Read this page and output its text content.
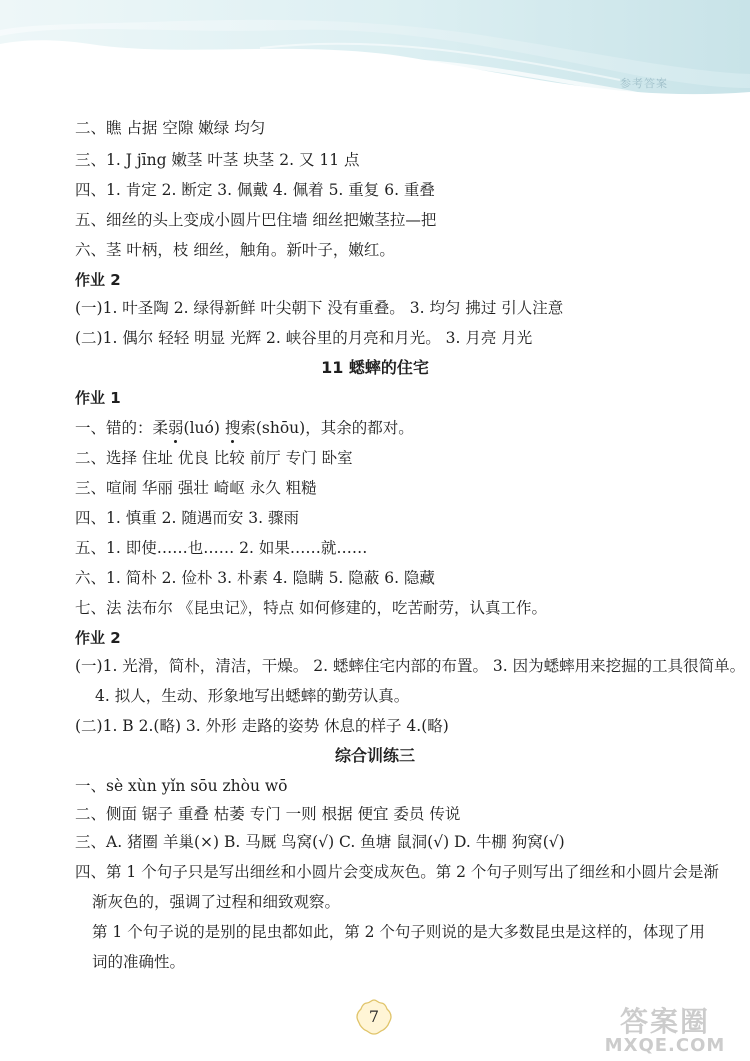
参考答案
二、瞧 占据 空隙 嫩绿 均匀
三、1. J jīng 嫩茎 叶茎 块茎 2. 又 11 点
四、1. 肯定 2. 断定 3. 佩戴 4. 佩着 5. 重复 6. 重叠
五、细丝的头上变成小圆片巴住墙 细丝把嫩茎拉—把
六、茎 叶柄，枝 细丝，触角。新叶子，嫩红。
作业 2
(一)1. 叶圣陶 2. 绿得新鲜 叶尖朝下 没有重叠。 3. 均匀 拂过 引人注意
(二)1. 偶尔 轻轻 明显 光辉 2. 峡谷里的月亮和月光。 3. 月亮 月光
11 蟋蟀的住宅
作业 1
一、错的：柔弱(luó) 搜索(shōu)，其余的都对。
二、选择 住址 优良 比较 前厅 专门 卧室
三、喧闹 华丽 强壮 崎岖 永久 粗糙
四、1. 慎重 2. 随遇而安 3. 骤雨
五、1. 即使……也…… 2. 如果……就……
六、1. 简朴 2. 俭朴 3. 朴素 4. 隐瞒 5. 隐蔽 6. 隐藏
七、法 法布尔 《昆虫记》，特点 如何修建的，吃苦耐劳，认真工作。
作业 2
(一)1. 光滑，简朴，清洁，干燥。 2. 蟋蟀住宅内部的布置。 3. 因为蟋蟀用来挖掘的工具很简单。
4. 拟人，生动、形象地写出蟋蟀的勤劳认真。
(二)1. B 2.(略) 3. 外形 走路的姿势 休息的样子 4.(略)
综合训练三
一、sè xùn yǐn sōu zhòu wō
二、侧面 锯子 重叠 枯萎 专门 一则 根据 便宜 委员 传说
三、A. 猪圈 羊巢(×) B. 马厩 鸟窝(√) C. 鱼塘 鼠洞(√) D. 牛棚 狗窝(√)
四、第 1 个句子只是写出细丝和小圆片会变成灰色。第 2 个句子则写出了细丝和小圆片会是渐
渐灰色的，强调了过程和细致观察。
第 1 个句子说的是别的昆虫都如此，第 2 个句子则说的是大多数昆虫是这样的，体现了用
词的准确性。
7	答案圈
MXQE.COM
